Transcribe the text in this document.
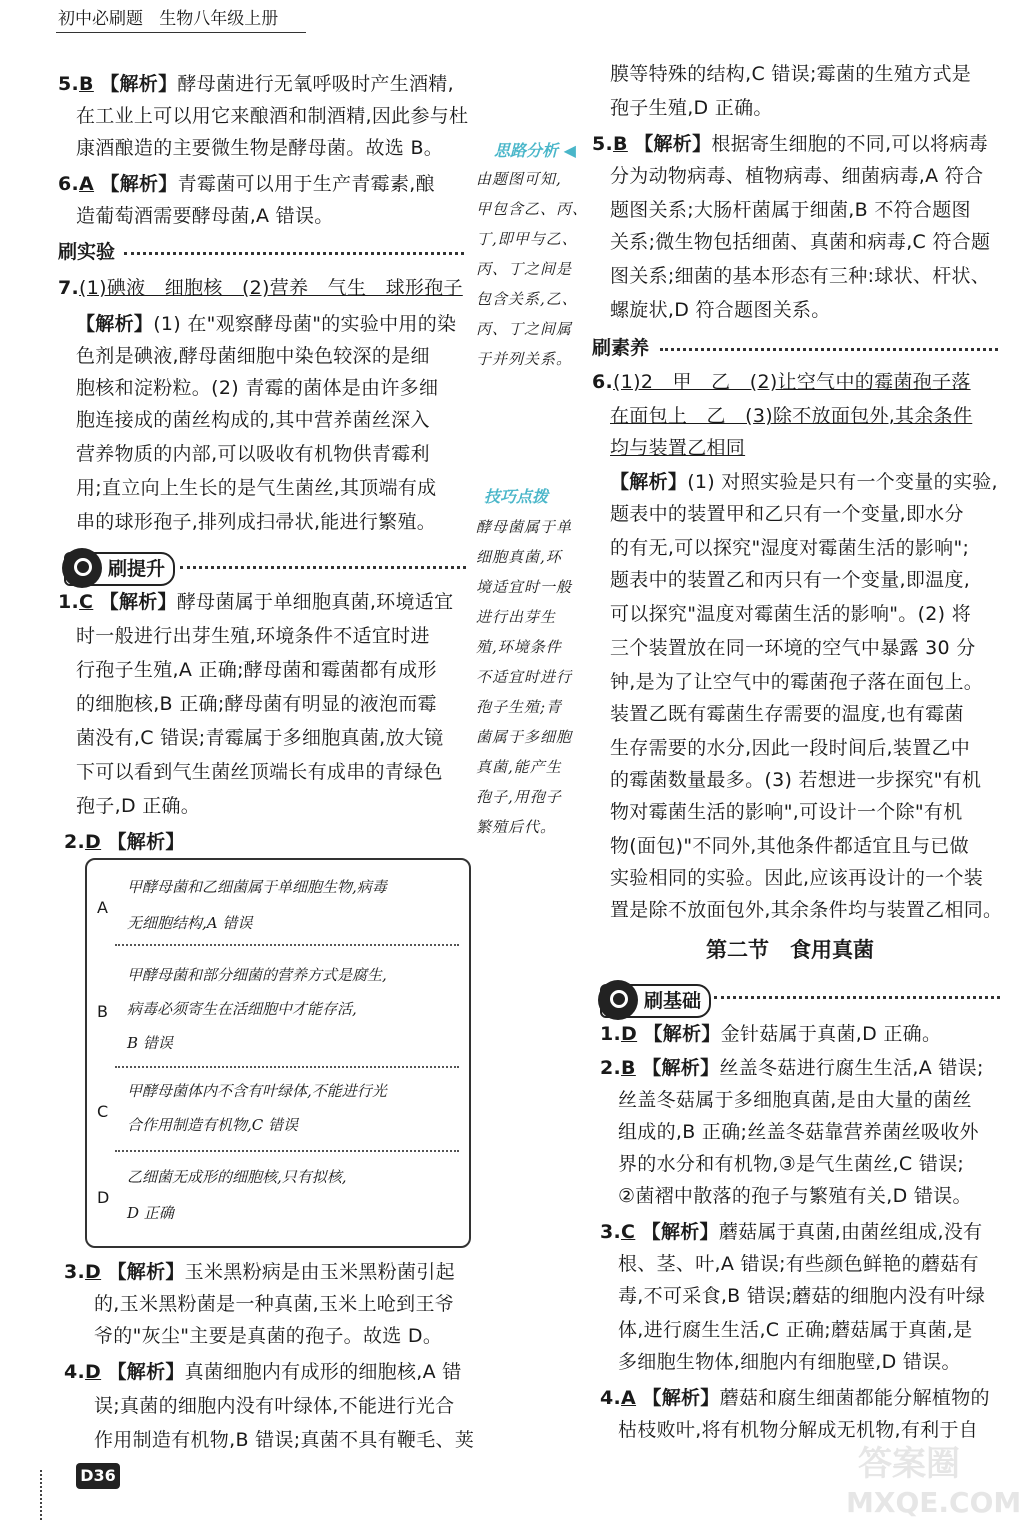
初中必刷题 生物八年级上册
5.B 【解析】酵母菌进行无氧呼吸时产生酒精,
在工业上可以用它来酿酒和制酒精,因此参与杜
康酒酿造的主要微生物是酵母菌。故选 B。
6.A 【解析】青霉菌可以用于生产青霉素,酿
造葡萄酒需要酵母菌,A 错误。
刷实验
7.(1)碘液　细胞核　(2)营养　气生　球形孢子
【解析】(1) 在"观察酵母菌"的实验中用的染
色剂是碘液,酵母菌细胞中染色较深的是细
胞核和淀粉粒。(2) 青霉的菌体是由许多细
胞连接成的菌丝构成的,其中营养菌丝深入
营养物质的内部,可以吸收有机物供青霉利
用;直立向上生长的是气生菌丝,其顶端有成
串的球形孢子,排列成扫帚状,能进行繁殖。
刷提升
1.C 【解析】酵母菌属于单细胞真菌,环境适宜
时一般进行出芽生殖,环境条件不适宜时进
行孢子生殖,A 正确;酵母菌和霉菌都有成形
的细胞核,B 正确;酵母菌有明显的液泡而霉
菌没有,C 错误;青霉属于多细胞真菌,放大镜
下可以看到气生菌丝顶端长有成串的青绿色
孢子,D 正确。
2.D 【解析】
A
甲酵母菌和乙细菌属于单细胞生物,病毒
无细胞结构,A 错误
B
甲酵母菌和部分细菌的营养方式是腐生,
病毒必须寄生在活细胞中才能存活,
B 错误
C
甲酵母菌体内不含有叶绿体,不能进行光
合作用制造有机物,C 错误
D
乙细菌无成形的细胞核,只有拟核,
D 正确
3.D 【解析】玉米黑粉病是由玉米黑粉菌引起
的,玉米黑粉菌是一种真菌,玉米上呛到王爷
爷的"灰尘"主要是真菌的孢子。故选 D。
4.D 【解析】真菌细胞内有成形的细胞核,A 错
误;真菌的细胞内没有叶绿体,不能进行光合
作用制造有机物,B 错误;真菌不具有鞭毛、荚
思路分析 ◀
由题图可知,
甲包含乙、丙、
丁,即甲与乙、
丙、丁之间是
包含关系,乙、
丙、丁之间属
于并列关系。
技巧点拨
酵母菌属于单
细胞真菌,环
境适宜时一般
进行出芽生
殖,环境条件
不适宜时进行
孢子生殖;青
菌属于多细胞
真菌,能产生
孢子,用孢子
繁殖后代。
膜等特殊的结构,C 错误;霉菌的生殖方式是
孢子生殖,D 正确。
5.B 【解析】根据寄生细胞的不同,可以将病毒
分为动物病毒、植物病毒、细菌病毒,A 符合
题图关系;大肠杆菌属于细菌,B 不符合题图
关系;微生物包括细菌、真菌和病毒,C 符合题
图关系;细菌的基本形态有三种:球状、杆状、
螺旋状,D 符合题图关系。
刷素养
6.(1)2　甲　乙　(2)让空气中的霉菌孢子落
在面包上　乙　(3)除不放面包外,其余条件
均与装置乙相同
【解析】(1) 对照实验是只有一个变量的实验,
题表中的装置甲和乙只有一个变量,即水分
的有无,可以探究"湿度对霉菌生活的影响";
题表中的装置乙和丙只有一个变量,即温度,
可以探究"温度对霉菌生活的影响"。(2) 将
三个装置放在同一环境的空气中暴露 30 分
钟,是为了让空气中的霉菌孢子落在面包上。
装置乙既有霉菌生存需要的温度,也有霉菌
生存需要的水分,因此一段时间后,装置乙中
的霉菌数量最多。(3) 若想进一步探究"有机
物对霉菌生活的影响",可设计一个除"有机
物(面包)"不同外,其他条件都适宜且与已做
实验相同的实验。因此,应该再设计的一个装
置是除不放面包外,其余条件均与装置乙相同。
第二节　食用真菌
刷基础
1.D 【解析】金针菇属于真菌,D 正确。
2.B 【解析】丝盖冬菇进行腐生生活,A 错误;
丝盖冬菇属于多细胞真菌,是由大量的菌丝
组成的,B 正确;丝盖冬菇靠营养菌丝吸收外
界的水分和有机物,③是气生菌丝,C 错误;
②菌褶中散落的孢子与繁殖有关,D 错误。
3.C 【解析】蘑菇属于真菌,由菌丝组成,没有
根、茎、叶,A 错误;有些颜色鲜艳的蘑菇有
毒,不可采食,B 错误;蘑菇的细胞内没有叶绿
体,进行腐生生活,C 正确;蘑菇属于真菌,是
多细胞生物体,细胞内有细胞壁,D 错误。
4.A 【解析】蘑菇和腐生细菌都能分解植物的
枯枝败叶,将有机物分解成无机物,有利于自
D36	答案圈
MXQE.COM
